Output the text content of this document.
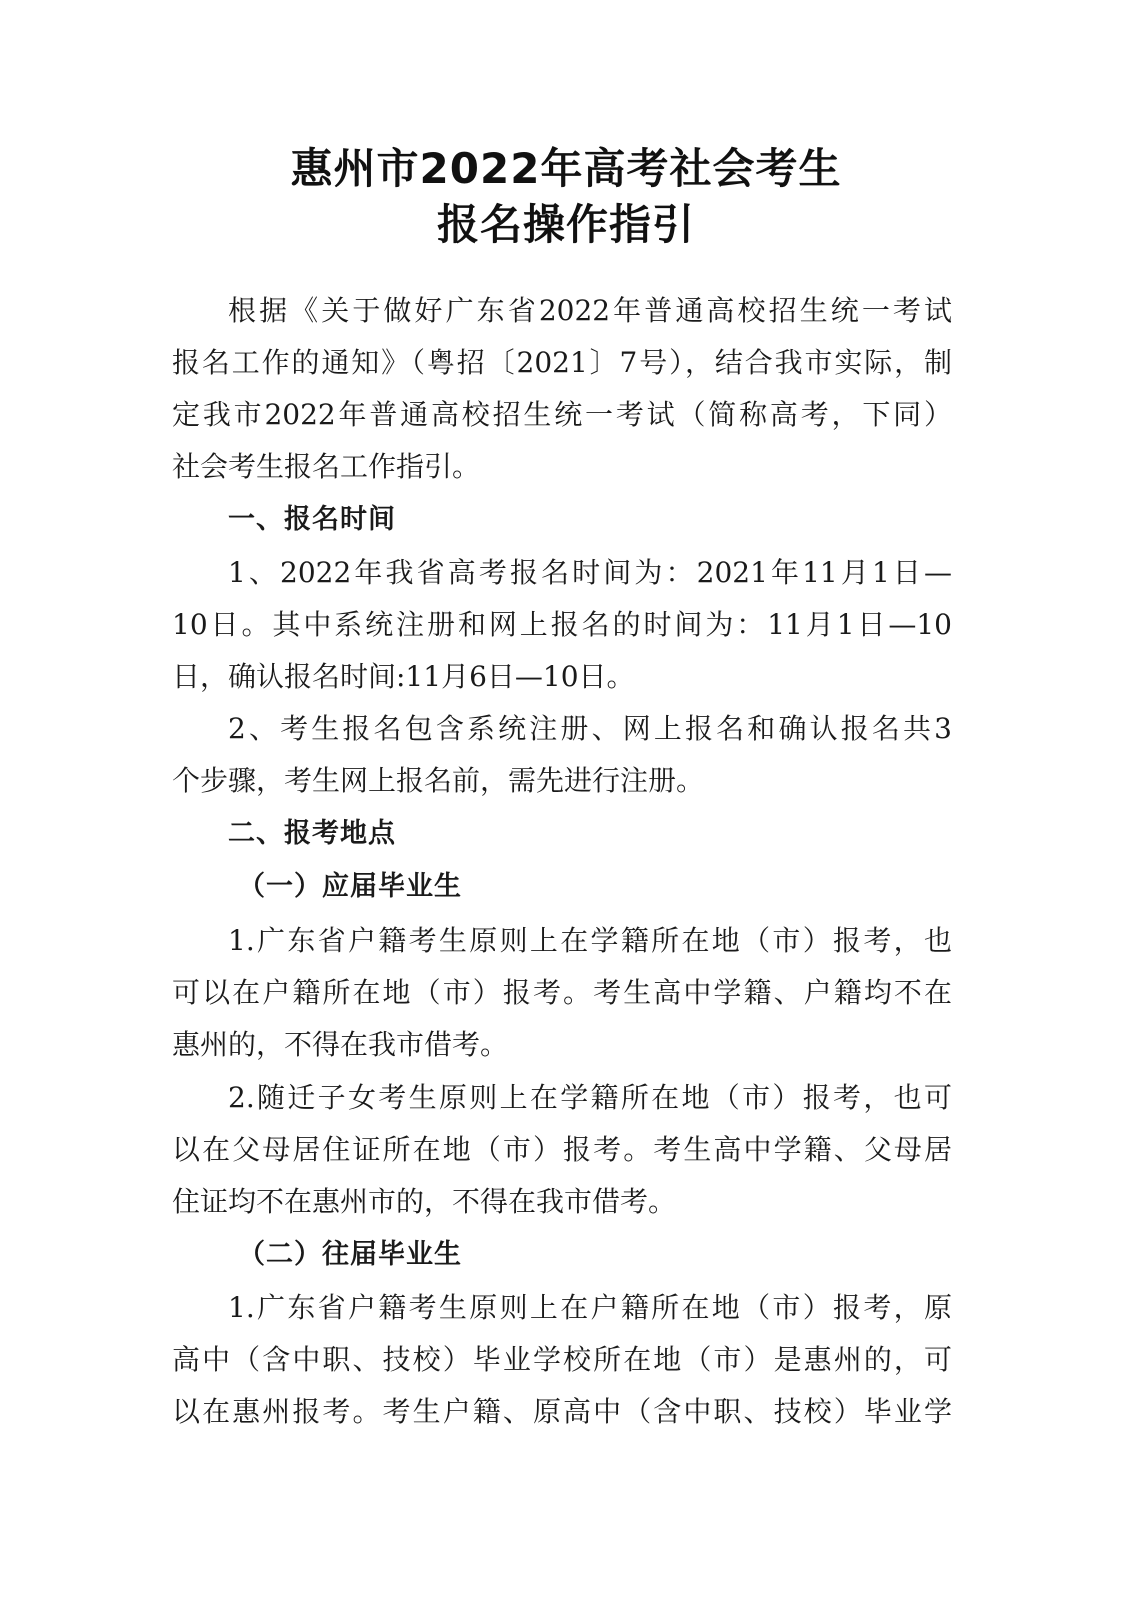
惠州市2022年高考社会考生
报名操作指引
根据《关于做好广东省2022年普通高校招生统一考试
报名工作的通知》（粤招〔2021〕7号），结合我市实际，制
定我市2022年普通高校招生统一考试（简称高考，下同）
社会考生报名工作指引。
一、报名时间
1、2022年我省高考报名时间为：2021年11月1日—
10日。其中系统注册和网上报名的时间为：11月1日—10
日，确认报名时间:11月6日—10日。
2、考生报名包含系统注册、网上报名和确认报名共3
个步骤，考生网上报名前，需先进行注册。
二、报考地点
（一）应届毕业生
1.广东省户籍考生原则上在学籍所在地（市）报考，也
可以在户籍所在地（市）报考。考生高中学籍、户籍均不在
惠州的，不得在我市借考。
2.随迁子女考生原则上在学籍所在地（市）报考，也可
以在父母居住证所在地（市）报考。考生高中学籍、父母居
住证均不在惠州市的，不得在我市借考。
（二）往届毕业生
1.广东省户籍考生原则上在户籍所在地（市）报考，原
高中（含中职、技校）毕业学校所在地（市）是惠州的，可
以在惠州报考。考生户籍、原高中（含中职、技校）毕业学
